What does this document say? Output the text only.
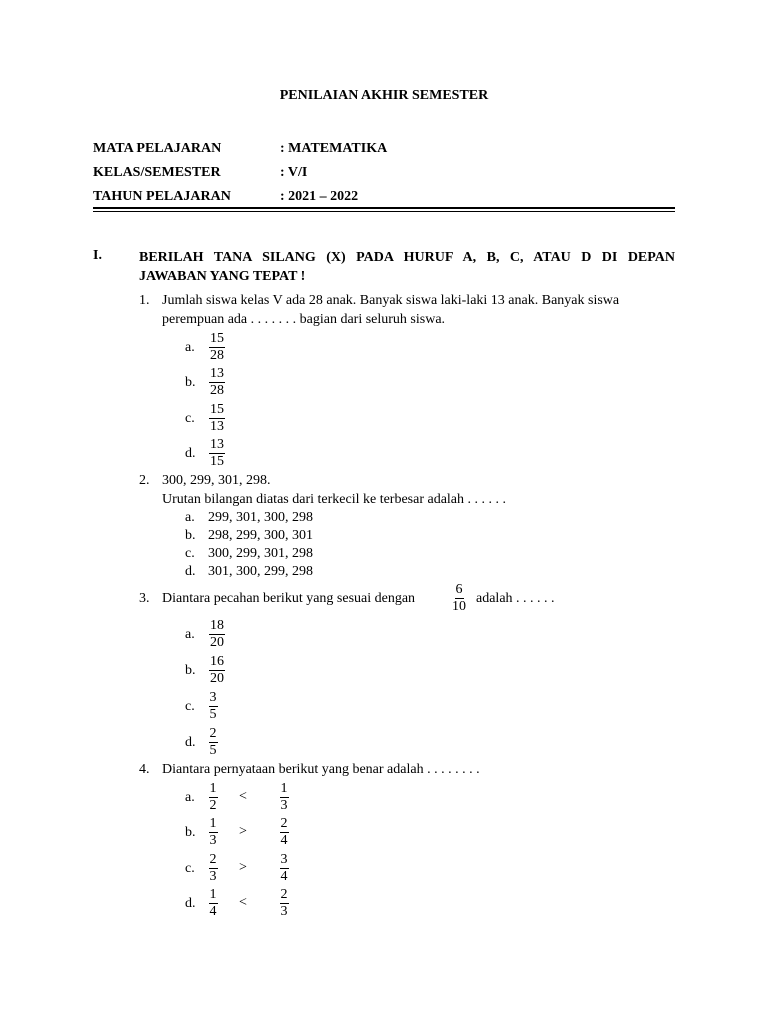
PENILAIAN AKHIR SEMESTER
MATA PELAJARAN	: MATEMATIKA
KELAS/SEMESTER	: V/I
TAHUN PELAJARAN	: 2021 – 2022
I.	BERILAH TANA SILANG (X) PADA HURUF A, B, C, ATAU D DI DEPAN
JAWABAN YANG TEPAT !
1. Jumlah siswa kelas V ada 28 anak. Banyak siswa laki-laki 13 anak. Banyak siswa
perempuan ada . . . . . . . bagian dari seluruh siswa.
a. $\frac{15}{28}$
b. $\frac{13}{28}$
c. $\frac{15}{13}$
d. $\frac{13}{15}$
2. 300, 299, 301, 298.
Urutan bilangan diatas dari terkecil ke terbesar adalah . . . . . .
a. 299, 301, 300, 298
b. 298, 299, 300, 301
c. 300, 299, 301, 298
d. 301, 300, 299, 298
3. Diantara pecahan berikut yang sesuai dengan $\frac{6}{10}$ adalah . . . . . .
a. $\frac{18}{20}$
b. $\frac{16}{20}$
c. $\frac{3}{5}$
d. $\frac{2}{5}$
4. Diantara pernyataan berikut yang benar adalah . . . . . . . .
a. $\frac{1}{2} < \frac{1}{3}$
b. $\frac{1}{3} > \frac{2}{4}$
c. $\frac{2}{3} > \frac{3}{4}$
d. $\frac{1}{4} < \frac{2}{3}$
